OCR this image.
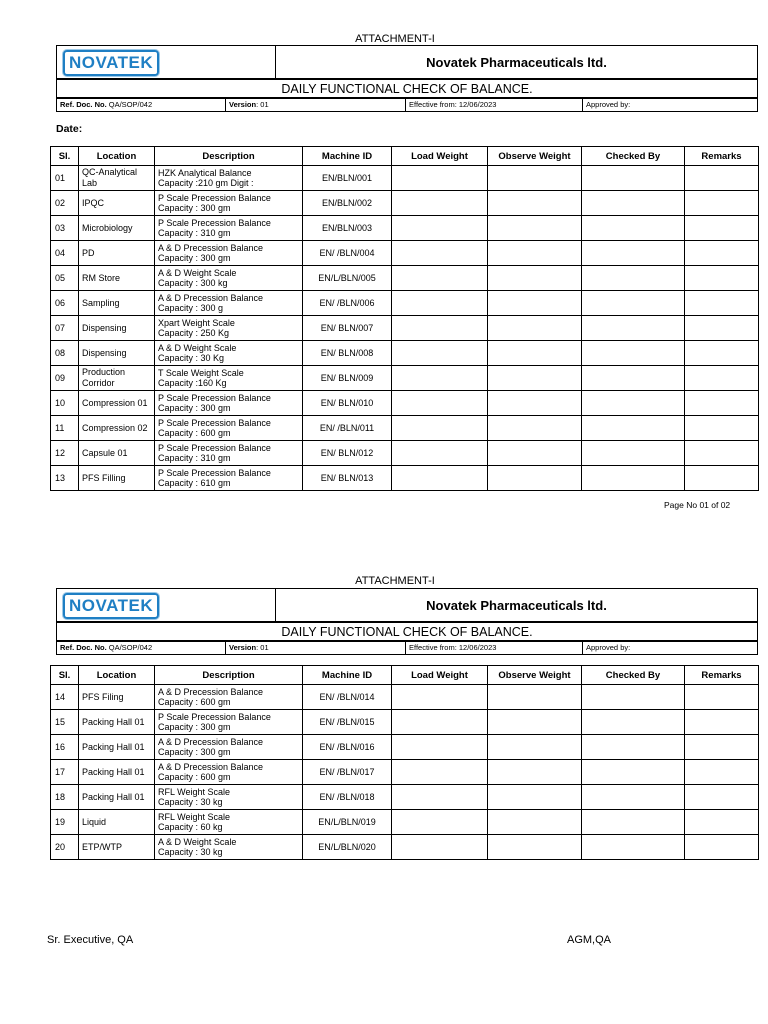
ATTACHMENT-I
NOVATEK	Novatek Pharmaceuticals ltd.
DAILY FUNCTIONAL CHECK OF BALANCE.
Ref. Doc. No. QA/SOP/042	Version: 01	Effective from: 12/06/2023	Approved by:
Date:
Sl.	Location	Description	Machine ID	Load Weight	Observe Weight	Checked By	Remarks
01	QC-Analytical Lab	HZK Analytical Balance
Capacity :210 gm Digit :	EN/BLN/001				
02	IPQC	P Scale Precession Balance
Capacity : 300 gm	EN/BLN/002				
03	Microbiology	P Scale Precession Balance
Capacity : 310 gm	EN/BLN/003				
04	PD	A & D Precession Balance
Capacity : 300 gm	EN/ /BLN/004				
05	RM Store	A & D Weight Scale
Capacity : 300 kg	EN/L/BLN/005				
06	Sampling	A & D Precession Balance
Capacity : 300 g	EN/ /BLN/006				
07	Dispensing	Xpart Weight Scale
Capacity : 250 Kg	EN/ BLN/007				
08	Dispensing	A & D Weight Scale
Capacity : 30 Kg	EN/ BLN/008				
09	Production Corridor	T Scale Weight Scale
Capacity :160 Kg	EN/ BLN/009				
10	Compression 01	P Scale Precession Balance
Capacity : 300 gm	EN/ BLN/010				
11	Compression 02	P Scale Precession Balance
Capacity : 600 gm	EN/ /BLN/011				
12	Capsule 01	P Scale Precession Balance
Capacity : 310 gm	EN/ BLN/012				
13	PFS Filling	P Scale Precession Balance
Capacity : 610 gm	EN/ BLN/013				
Page No 01 of 02
ATTACHMENT-I
NOVATEK	Novatek Pharmaceuticals ltd.
DAILY FUNCTIONAL CHECK OF BALANCE.
Ref. Doc. No. QA/SOP/042	Version: 01	Effective from: 12/06/2023	Approved by:
Sl.	Location	Description	Machine ID	Load Weight	Observe Weight	Checked By	Remarks
14	PFS Filing	A & D Precession Balance
Capacity : 600 gm	EN/ /BLN/014				
15	Packing Hall 01	P Scale Precession Balance
Capacity : 300 gm	EN/ /BLN/015				
16	Packing Hall 01	A & D Precession Balance
Capacity : 300 gm	EN/ /BLN/016				
17	Packing Hall 01	A & D Precession Balance
Capacity : 600 gm	EN/ /BLN/017				
18	Packing Hall 01	RFL Weight Scale
Capacity : 30 kg	EN/ /BLN/018				
19	Liquid	RFL Weight Scale
Capacity : 60 kg	EN/L/BLN/019				
20	ETP/WTP	A & D Weight Scale
Capacity : 30 kg	EN/L/BLN/020				
Sr. Executive, QA	AGM,QA
